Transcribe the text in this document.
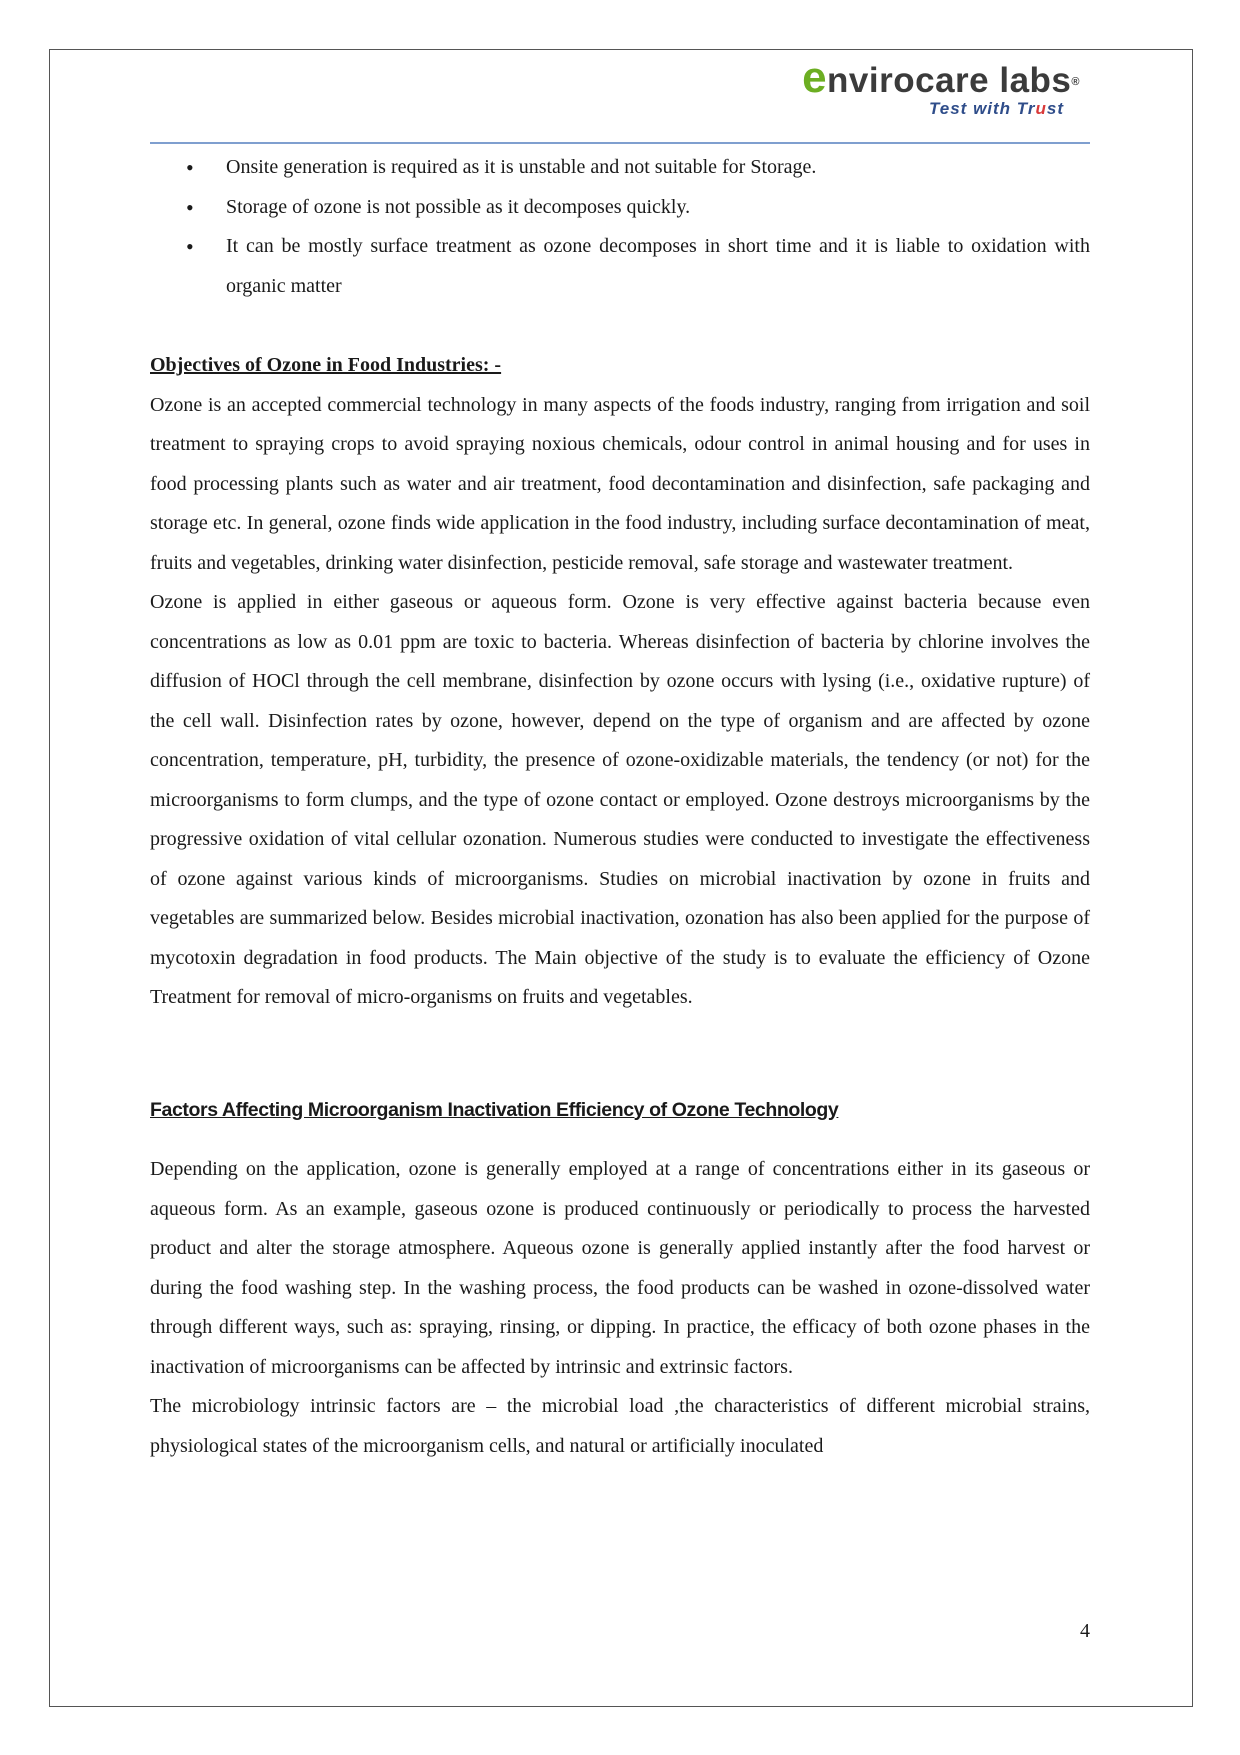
envirocare labs®
Test with Trust
• Onsite generation is required as it is unstable and not suitable for Storage.
• Storage of ozone is not possible as it decomposes quickly.
• It can be mostly surface treatment as ozone decomposes in short time and it is liable to oxidation with organic matter
Objectives of Ozone in Food Industries: -

Ozone is an accepted commercial technology in many aspects of the foods industry, ranging from irrigation and soil treatment to spraying crops to avoid spraying noxious chemicals, odour control in animal housing and for uses in food processing plants such as water and air treatment, food decontamination and disinfection, safe packaging and storage etc. In general, ozone finds wide application in the food industry, including surface decontamination of meat, fruits and vegetables, drinking water disinfection, pesticide removal, safe storage and wastewater treatment.

Ozone is applied in either gaseous or aqueous form. Ozone is very effective against bacteria because even concentrations as low as 0.01 ppm are toxic to bacteria. Whereas disinfection of bacteria by chlorine involves the diffusion of HOCl through the cell membrane, disinfection by ozone occurs with lysing (i.e., oxidative rupture) of the cell wall. Disinfection rates by ozone, however, depend on the type of organism and are affected by ozone concentration, temperature, pH, turbidity, the presence of ozone-oxidizable materials, the tendency (or not) for the microorganisms to form clumps, and the type of ozone contact or employed. Ozone destroys microorganisms by the progressive oxidation of vital cellular ozonation. Numerous studies were conducted to investigate the effectiveness of ozone against various kinds of microorganisms. Studies on microbial inactivation by ozone in fruits and vegetables are summarized below. Besides microbial inactivation, ozonation has also been applied for the purpose of mycotoxin degradation in food products. The Main objective of the study is to evaluate the efficiency of Ozone Treatment for removal of micro-organisms on fruits and vegetables.

Factors Affecting Microorganism Inactivation Efficiency of Ozone Technology

Depending on the application, ozone is generally employed at a range of concentrations either in its gaseous or aqueous form. As an example, gaseous ozone is produced continuously or periodically to process the harvested product and alter the storage atmosphere. Aqueous ozone is generally applied instantly after the food harvest or during the food washing step. In the washing process, the food products can be washed in ozone-dissolved water through different ways, such as: spraying, rinsing, or dipping. In practice, the efficacy of both ozone phases in the inactivation of microorganisms can be affected by intrinsic and extrinsic factors.

The microbiology intrinsic factors are – the microbial load ,the characteristics of different microbial strains, physiological states of the microorganism cells, and natural or artificially inoculated

4
